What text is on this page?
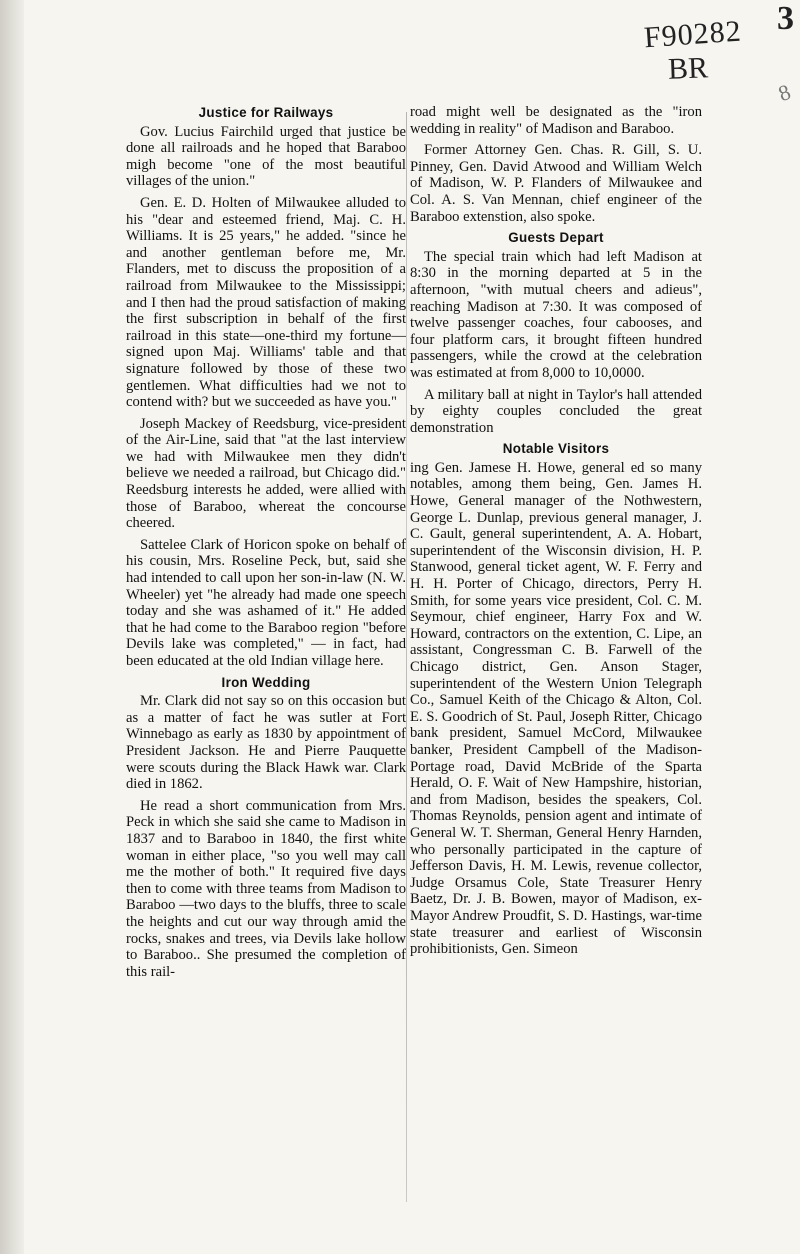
3
F90282
BR
8
Justice for Railways

Gov. Lucius Fairchild urged that justice be done all railroads and he hoped that Baraboo migh become "one of the most beautiful villages of the union."

Gen. E. D. Holten of Milwaukee alluded to his "dear and esteemed friend, Maj. C. H. Williams. It is 25 years," he added. "since he and another gentleman before me, Mr. Flanders, met to discuss the proposition of a railroad from Milwaukee to the Mississippi; and I then had the proud satisfaction of making the first subscription in behalf of the first railroad in this state—one-third my fortune—signed upon Maj. Williams' table and that signature followed by those of these two gentlemen. What difficulties had we not to contend with? but we succeeded as have you."

Joseph Mackey of Reedsburg, vice-president of the Air-Line, said that "at the last interview we had with Milwaukee men they didn't believe we needed a railroad, but Chicago did." Reedsburg interests he added, were allied with those of Baraboo, whereat the concourse cheered.

Sattelee Clark of Horicon spoke on behalf of his cousin, Mrs. Roseline Peck, but, said she had intended to call upon her son-in-law (N. W. Wheeler) yet "he already had made one speech today and she was ashamed of it." He added that he had come to the Baraboo region "before Devils lake was completed," — in fact, had been educated at the old Indian village here.

Iron Wedding

Mr. Clark did not say so on this occasion but as a matter of fact he was sutler at Fort Winnebago as early as 1830 by appointment of President Jackson. He and Pierre Pauquette were scouts during the Black Hawk war. Clark died in 1862.

He read a short communication from Mrs. Peck in which she said she came to Madison in 1837 and to Baraboo in 1840, the first white woman in either place, "so you well may call me the mother of both." It required five days then to come with three teams from Madison to Baraboo —two days to the bluffs, three to scale the heights and cut our way through amid the rocks, snakes and trees, via Devils lake hollow to Baraboo.. She presumed the completion of this rail-

road might well be designated as the "iron wedding in reality" of Madison and Baraboo.

Former Attorney Gen. Chas. R. Gill, S. U. Pinney, Gen. David Atwood and William Welch of Madison, W. P. Flanders of Milwaukee and Col. A. S. Van Mennan, chief engineer of the Baraboo extenstion, also spoke.

Guests Depart

The special train which had left Madison at 8:30 in the morning departed at 5 in the afternoon, "with mutual cheers and adieus", reaching Madison at 7:30. It was composed of twelve passenger coaches, four cabooses, and four platform cars, it brought fifteen hundred passengers, while the crowd at the celebration was estimated at from 8,000 to 10,0000.

A military ball at night in Taylor's hall attended by eighty couples concluded the great demonstration

Notable Visitors

ing Gen. Jamese H. Howe, general ed so many notables, among them being, Gen. James H. Howe, General manager of the Nothwestern, George L. Dunlap, previous general manager, J. C. Gault, general superintendent, A. A. Hobart, superintendent of the Wisconsin division, H. P. Stanwood, general ticket agent, W. F. Ferry and H. H. Porter of Chicago, directors, Perry H. Smith, for some years vice president, Col. C. M. Seymour, chief engineer, Harry Fox and W. Howard, contractors on the extention, C. Lipe, an assistant, Congressman C. B. Farwell of the Chicago district, Gen. Anson Stager, superintendent of the Western Union Telegraph Co., Samuel Keith of the Chicago & Alton, Col. E. S. Goodrich of St. Paul, Joseph Ritter, Chicago bank president, Samuel McCord, Milwaukee banker, President Campbell of the Madison-Portage road, David McBride of the Sparta Herald, O. F. Wait of New Hampshire, historian, and from Madison, besides the speakers, Col. Thomas Reynolds, pension agent and intimate of General W. T. Sherman, General Henry Harnden, who personally participated in the capture of Jefferson Davis, H. M. Lewis, revenue collector, Judge Orsamus Cole, State Treasurer Henry Baetz, Dr. J. B. Bowen, mayor of Madison, ex-Mayor Andrew Proudfit, S. D. Hastings, war-time state treasurer and earliest of Wisconsin prohibitionists, Gen. Simeon
